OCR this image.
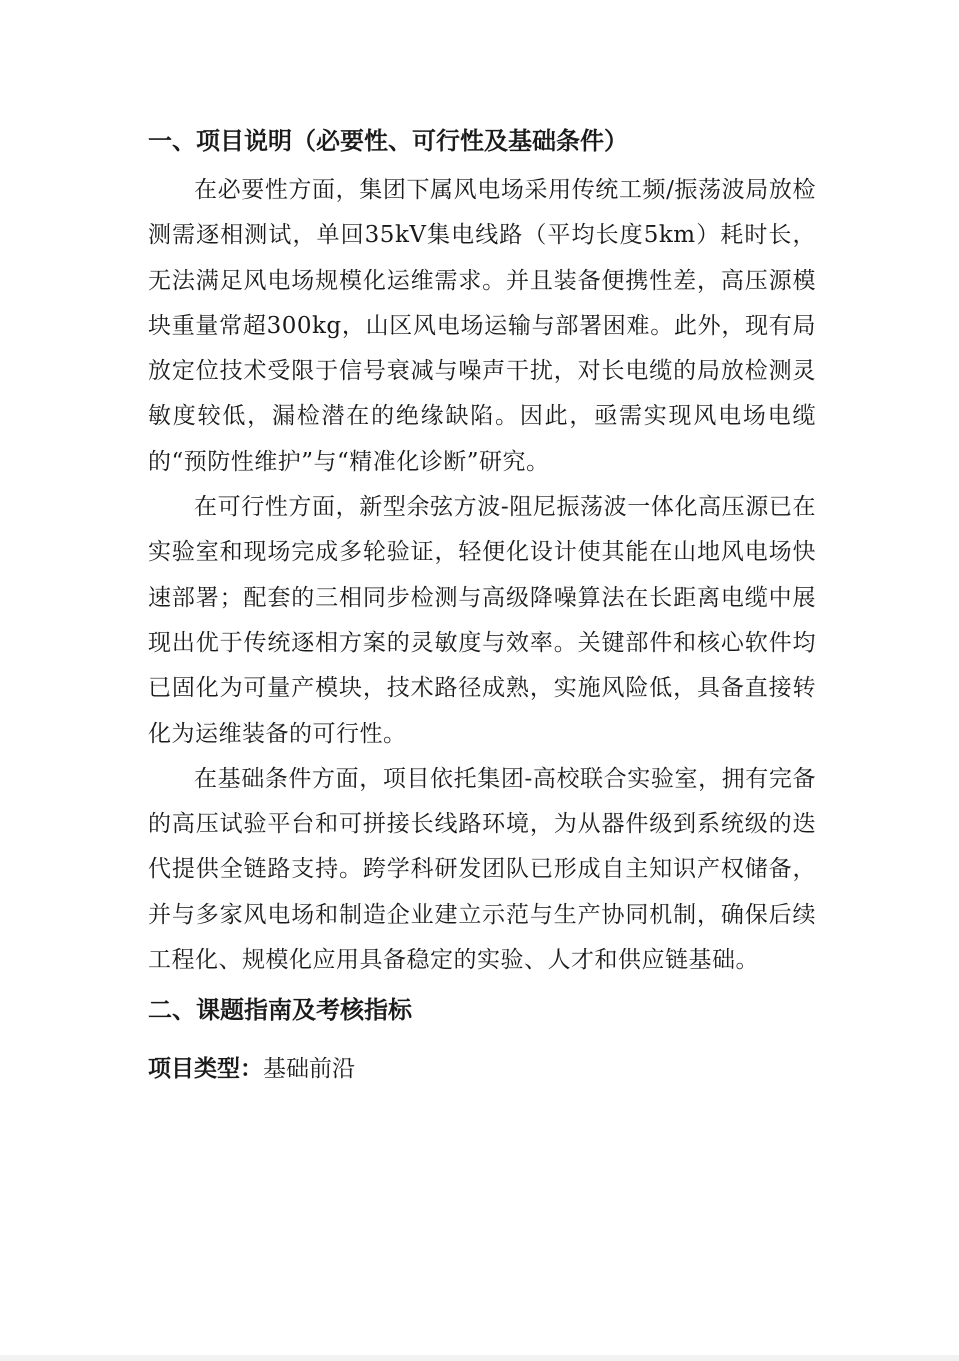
一、项目说明（必要性、可行性及基础条件）

在必要性方面，集团下属风电场采用传统工频/振荡波局放检测需逐相测试，单回35kV集电线路（平均长度5km）耗时长，无法满足风电场规模化运维需求。并且装备便携性差，高压源模块重量常超300kg，山区风电场运输与部署困难。此外，现有局放定位技术受限于信号衰减与噪声干扰，对长电缆的局放检测灵敏度较低，漏检潜在的绝缘缺陷。因此，亟需实现风电场电缆的“预防性维护”与“精准化诊断”研究。

在可行性方面，新型余弦方波-阻尼振荡波一体化高压源已在实验室和现场完成多轮验证，轻便化设计使其能在山地风电场快速部署；配套的三相同步检测与高级降噪算法在长距离电缆中展现出优于传统逐相方案的灵敏度与效率。关键部件和核心软件均已固化为可量产模块，技术路径成熟，实施风险低，具备直接转化为运维装备的可行性。

在基础条件方面，项目依托集团-高校联合实验室，拥有完备的高压试验平台和可拼接长线路环境，为从器件级到系统级的迭代提供全链路支持。跨学科研发团队已形成自主知识产权储备，并与多家风电场和制造企业建立示范与生产协同机制，确保后续工程化、规模化应用具备稳定的实验、人才和供应链基础。

二、课题指南及考核指标
项目类型：基础前沿
